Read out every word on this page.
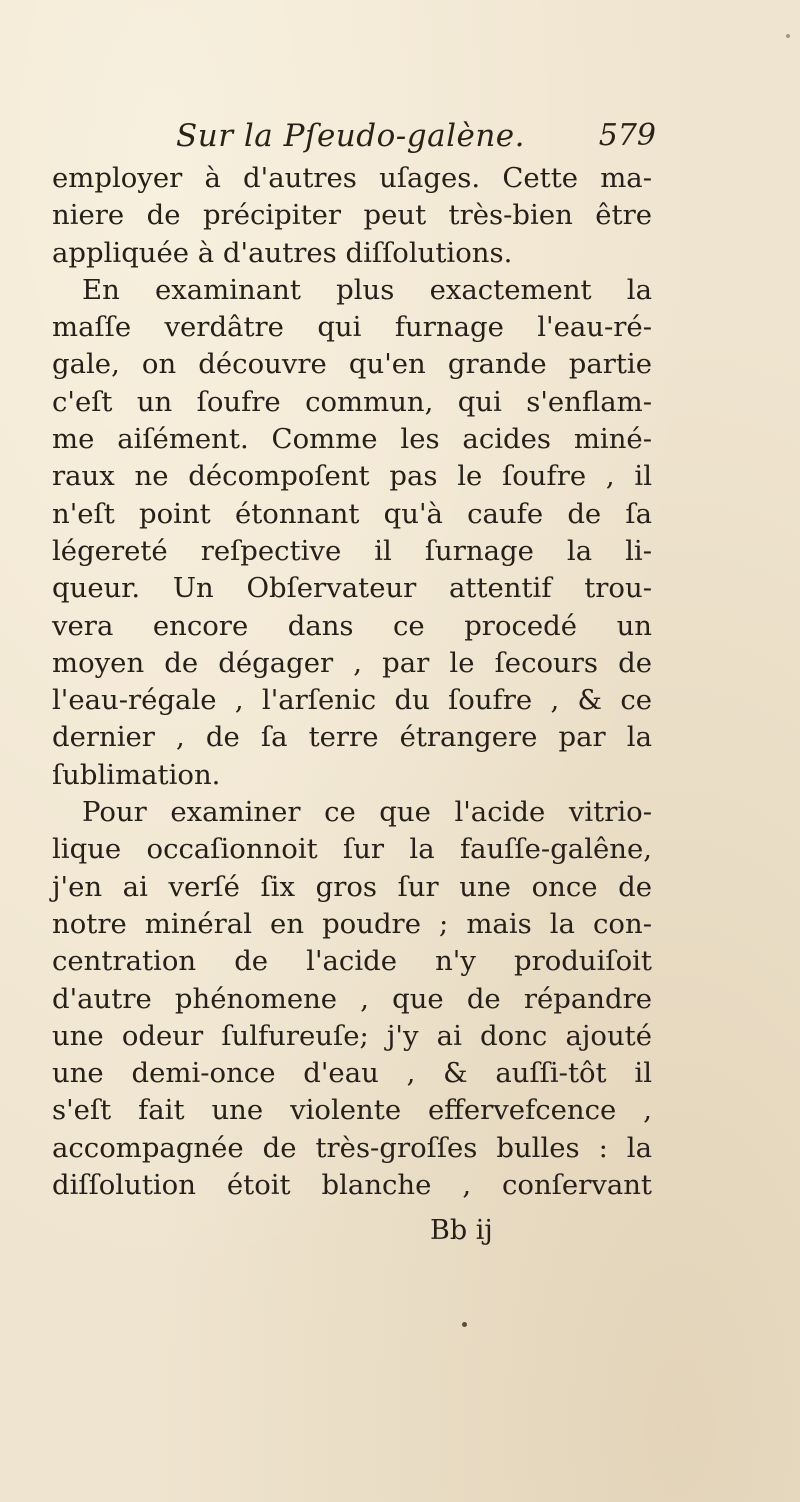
Sur la Pſeudo-galène. 579
employer à d'autres uſages. Cette ma-
niere de précipiter peut très-bien être
appliquée à d'autres diſſolutions.
En examinant plus exactement la
maſſe verdâtre qui furnage l'eau-ré-
gale, on découvre qu'en grande partie
c'eſt un ſoufre commun, qui s'enflam-
me aiſément. Comme les acides miné-
raux ne décompoſent pas le ſoufre , il
n'eſt point étonnant qu'à caufe de ſa
légereté reſpective il ſurnage la li-
queur. Un Obſervateur attentif trou-
vera encore dans ce procedé un
moyen de dégager , par le ſecours de
l'eau-régale , l'arſenic du ſoufre , & ce
dernier , de ſa terre étrangere par la
ſublimation.
Pour examiner ce que l'acide vitrio-
lique occaſionnoit ſur la fauſſe-galêne,
j'en ai verſé ſix gros ſur une once de
notre minéral en poudre ; mais la con-
centration de l'acide n'y produiſoit
d'autre phénomene , que de répandre
une odeur ſulfureuſe; j'y ai donc ajouté
une demi-once d'eau , & auſſi-tôt il
s'eſt fait une violente effervefcence ,
accompagnée de très-groſſes bulles : la
diſſolution étoit blanche , conſervant
Bb ij
